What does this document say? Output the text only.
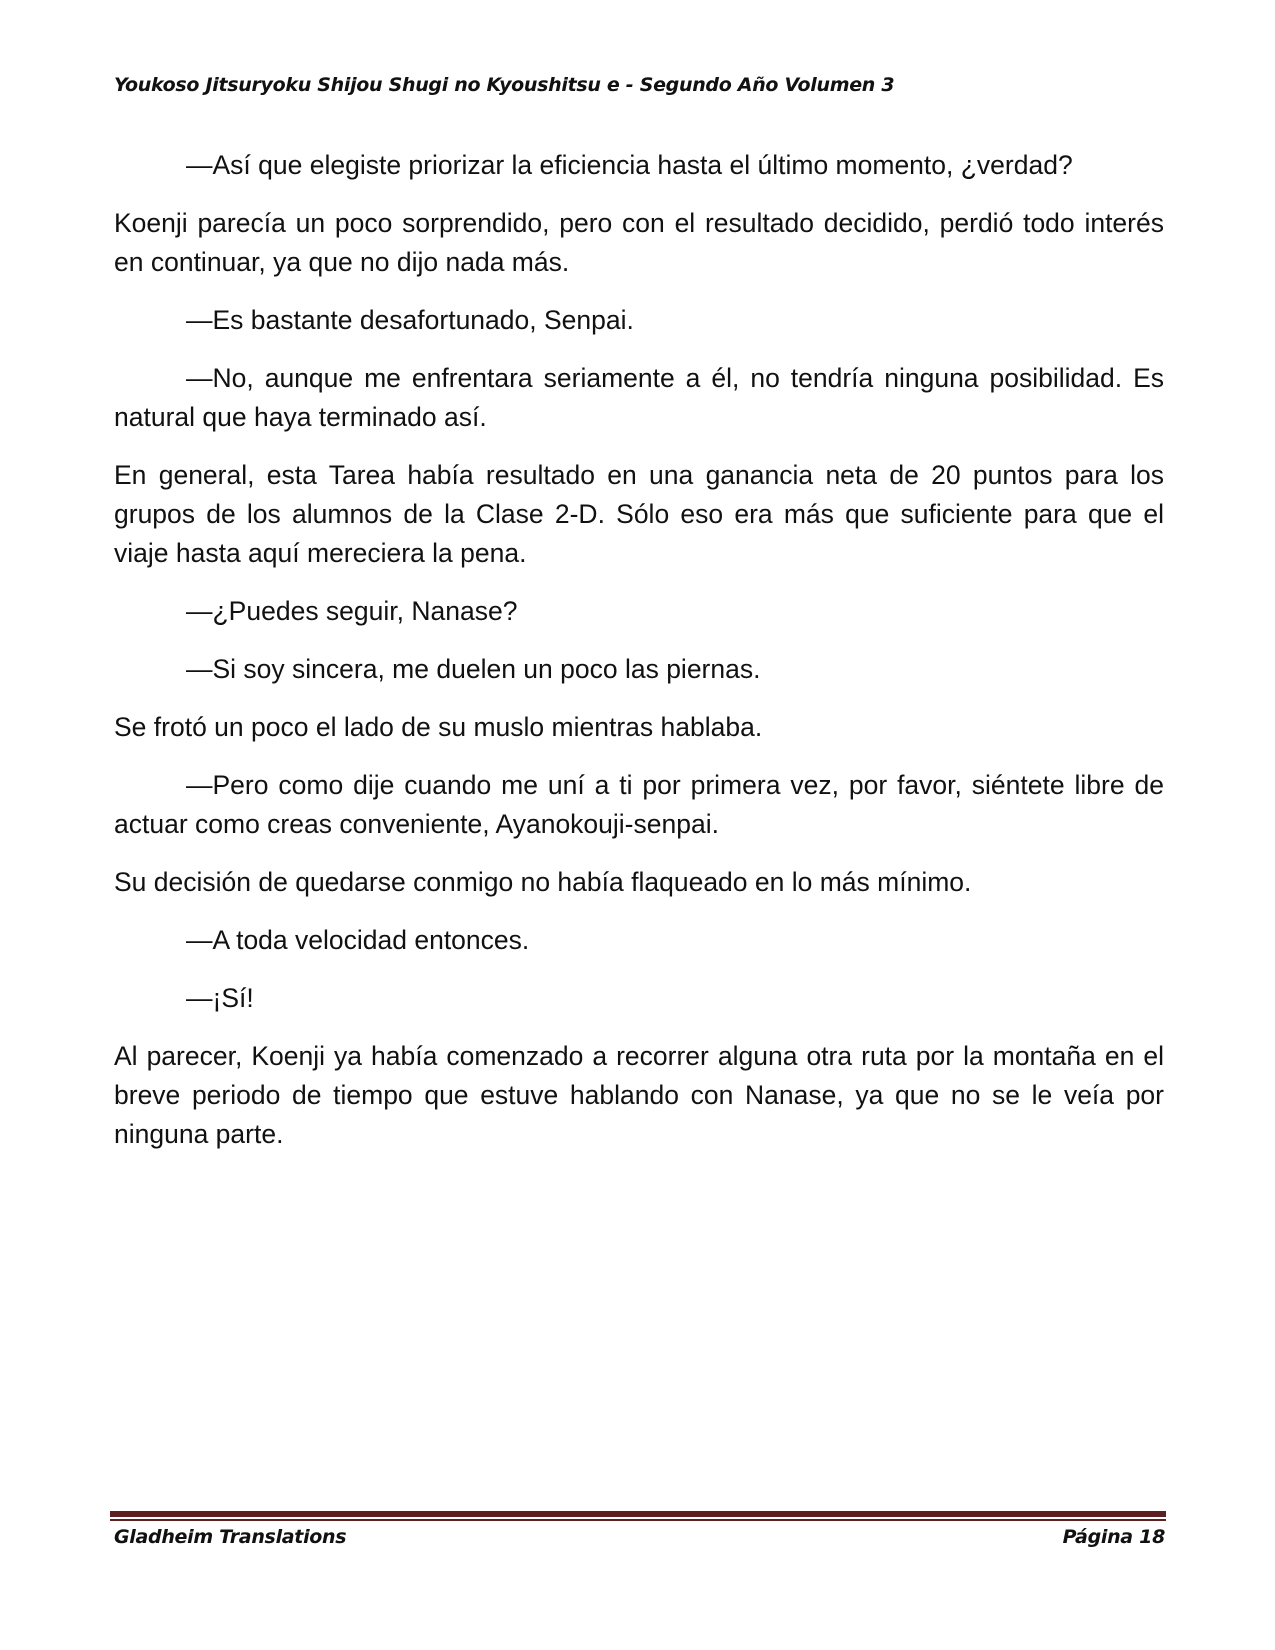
Youkoso Jitsuryoku Shijou Shugi no Kyoushitsu e - Segundo Año Volumen 3

—Así que elegiste priorizar la eficiencia hasta el último momento, ¿verdad?

Koenji parecía un poco sorprendido, pero con el resultado decidido, perdió todo interés en continuar, ya que no dijo nada más.

—Es bastante desafortunado, Senpai.

—No, aunque me enfrentara seriamente a él, no tendría ninguna posibilidad. Es natural que haya terminado así.

En general, esta Tarea había resultado en una ganancia neta de 20 puntos para los grupos de los alumnos de la Clase 2-D. Sólo eso era más que suficiente para que el viaje hasta aquí mereciera la pena.

—¿Puedes seguir, Nanase?

—Si soy sincera, me duelen un poco las piernas.

Se frotó un poco el lado de su muslo mientras hablaba.

—Pero como dije cuando me uní a ti por primera vez, por favor, siéntete libre de actuar como creas conveniente, Ayanokouji-senpai.

Su decisión de quedarse conmigo no había flaqueado en lo más mínimo.

—A toda velocidad entonces.

—¡Sí!

Al parecer, Koenji ya había comenzado a recorrer alguna otra ruta por la montaña en el breve periodo de tiempo que estuve hablando con Nanase, ya que no se le veía por ninguna parte.

Gladheim Translations	Página 18
